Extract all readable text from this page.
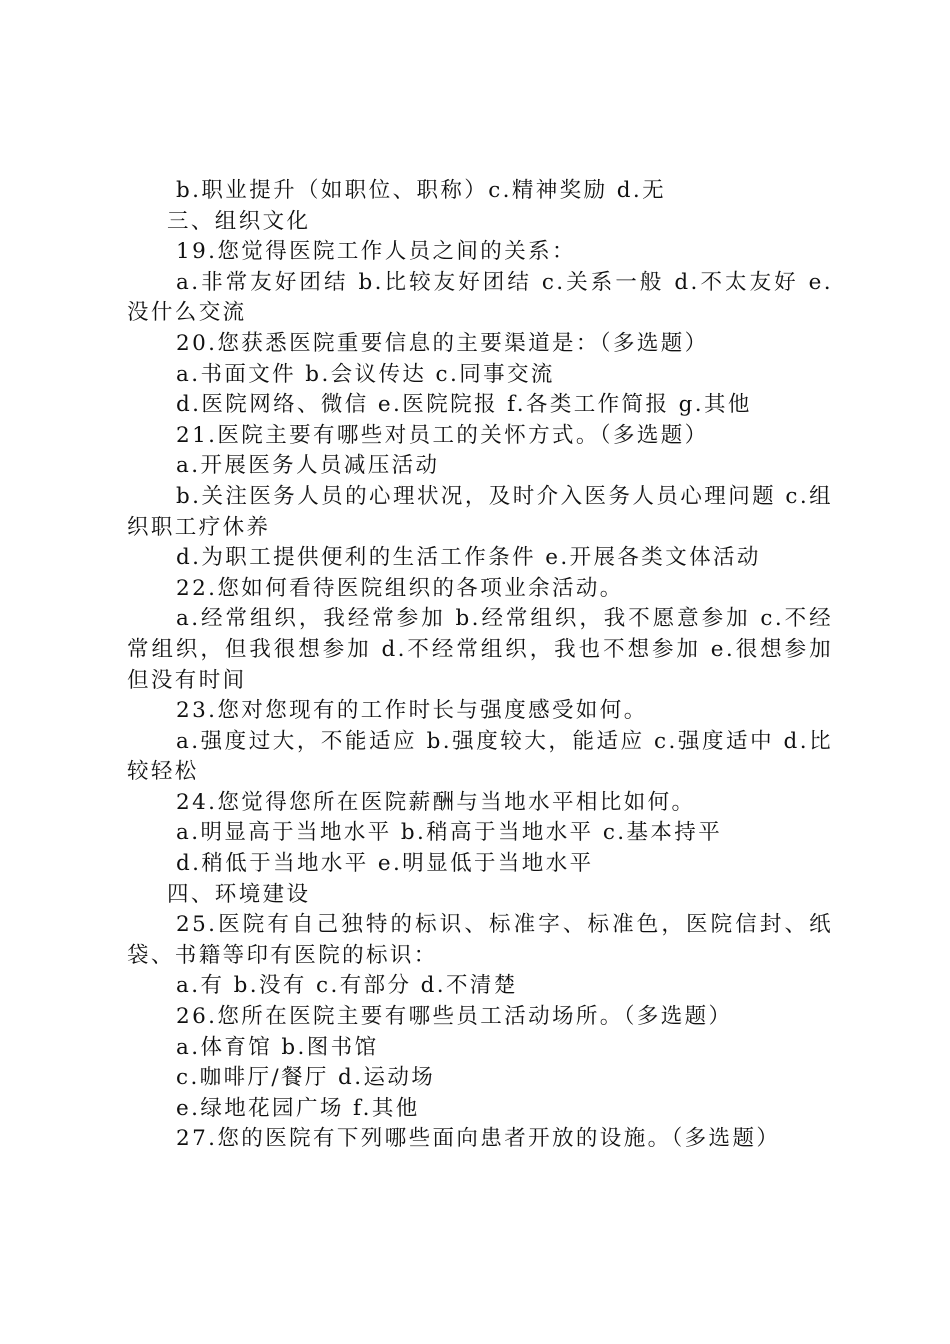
b.职业提升（如职位、职称）c.精神奖励 d.无

三、组织文化

19.您觉得医院工作人员之间的关系：

a.非常友好团结 b.比较友好团结 c.关系一般 d.不太友好 e.没什么交流

20.您获悉医院重要信息的主要渠道是：（多选题）

a.书面文件 b.会议传达 c.同事交流

d.医院网络、微信 e.医院院报 f.各类工作简报 g.其他

21.医院主要有哪些对员工的关怀方式。（多选题）

a.开展医务人员减压活动

b.关注医务人员的心理状况，及时介入医务人员心理问题 c.组织职工疗休养

d.为职工提供便利的生活工作条件 e.开展各类文体活动

22.您如何看待医院组织的各项业余活动。

a.经常组织，我经常参加 b.经常组织，我不愿意参加 c.不经常组织，但我很想参加 d.不经常组织，我也不想参加 e.很想参加但没有时间

23.您对您现有的工作时长与强度感受如何。

a.强度过大，不能适应 b.强度较大，能适应 c.强度适中 d.比较轻松

24.您觉得您所在医院薪酬与当地水平相比如何。

a.明显高于当地水平 b.稍高于当地水平 c.基本持平

d.稍低于当地水平 e.明显低于当地水平

四、环境建设

25.医院有自己独特的标识、标准字、标准色，医院信封、纸袋、书籍等印有医院的标识：

a.有 b.没有 c.有部分 d.不清楚

26.您所在医院主要有哪些员工活动场所。（多选题）

a.体育馆 b.图书馆

c.咖啡厅/餐厅 d.运动场

e.绿地花园广场 f.其他

27.您的医院有下列哪些面向患者开放的设施。（多选题）
